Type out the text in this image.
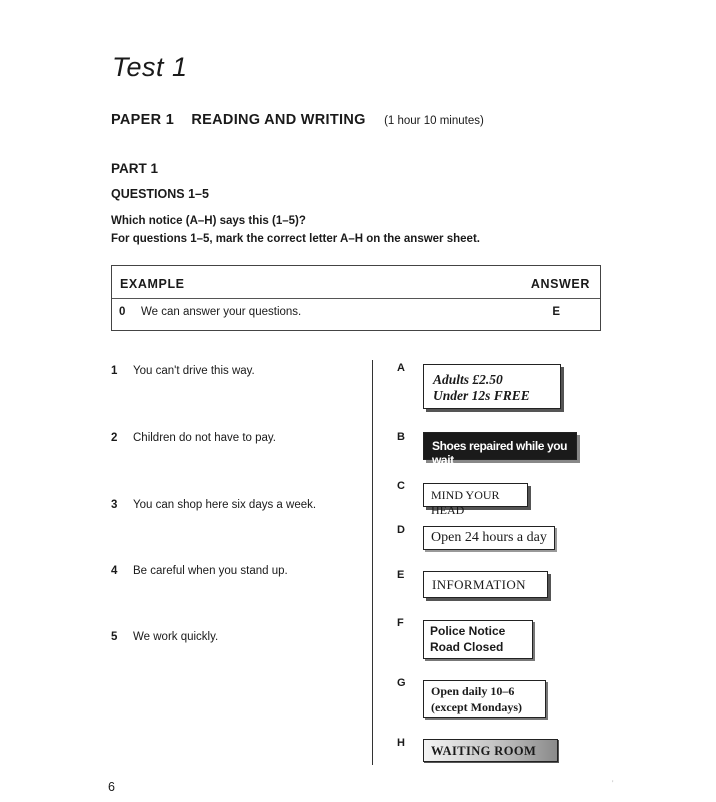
Test 1
PAPER 1 READING AND WRITING (1 hour 10 minutes)
PART 1
QUESTIONS 1–5
Which notice (A–H) says this (1–5)?
For questions 1–5, mark the correct letter A–H on the answer sheet.
EXAMPLE	ANSWER
0 We can answer your questions.	E
1 You can't drive this way.
2 Children do not have to pay.
3 You can shop here six days a week.
4 Be careful when you stand up.
5 We work quickly.
A
Adults £2.50
Under 12s FREE
B
Shoes repaired while you wait
C
MIND YOUR HEAD
D Open 24 hours a day
E
INFORMATION
F
Police Notice
Road Closed
G
Open daily 10–6
(except Mondays)
H
WAITING ROOM
6	ʼ
